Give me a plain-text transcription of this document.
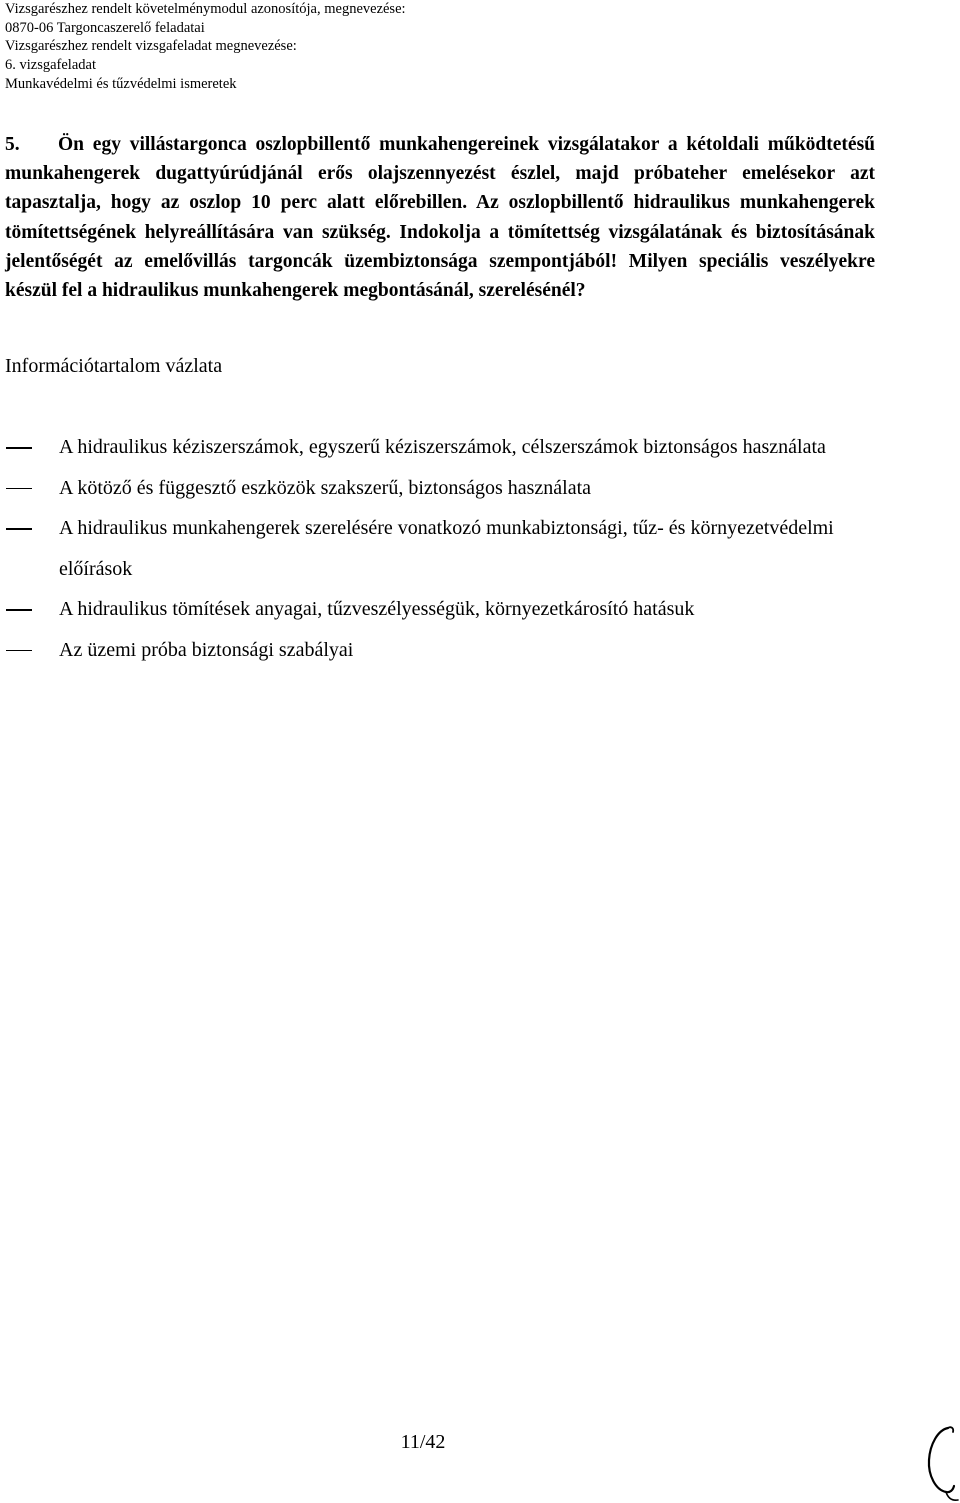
Vizsgarészhez rendelt követelménymodul azonosítója, megnevezése:
0870-06 Targoncaszerelő feladatai
Vizsgarészhez rendelt vizsgafeladat megnevezése:
6. vizsgafeladat
Munkavédelmi és tűzvédelmi ismeretek
5. Ön egy villástargonca oszlopbillentő munkahengereinek vizsgálatakor a kétoldali működtetésű munkahengerek dugattyúrúdjánál erős olajszennyezést észlel, majd próbateher emelésekor azt tapasztalja, hogy az oszlop 10 perc alatt előrebillen. Az oszlopbillentő hidraulikus munkahengerek tömítettségének helyreállítására van szükség. Indokolja a tömítettség vizsgálatának és biztosításának jelentőségét az emelővillás targoncák üzembiztonsága szempontjából! Milyen speciális veszélyekre készül fel a hidraulikus munkahengerek megbontásánál, szerelésénél?
Információtartalom vázlata
A hidraulikus kéziszerszámok, egyszerű kéziszerszámok, célszerszámok biztonságos használata
A kötöző és függesztő eszközök szakszerű, biztonságos használata
A hidraulikus munkahengerek szerelésére vonatkozó munkabiztonsági, tűz- és környezetvédelmi előírások
A hidraulikus tömítések anyagai, tűzveszélyességük, környezetkárosító hatásuk
Az üzemi próba biztonsági szabályai
11/42
